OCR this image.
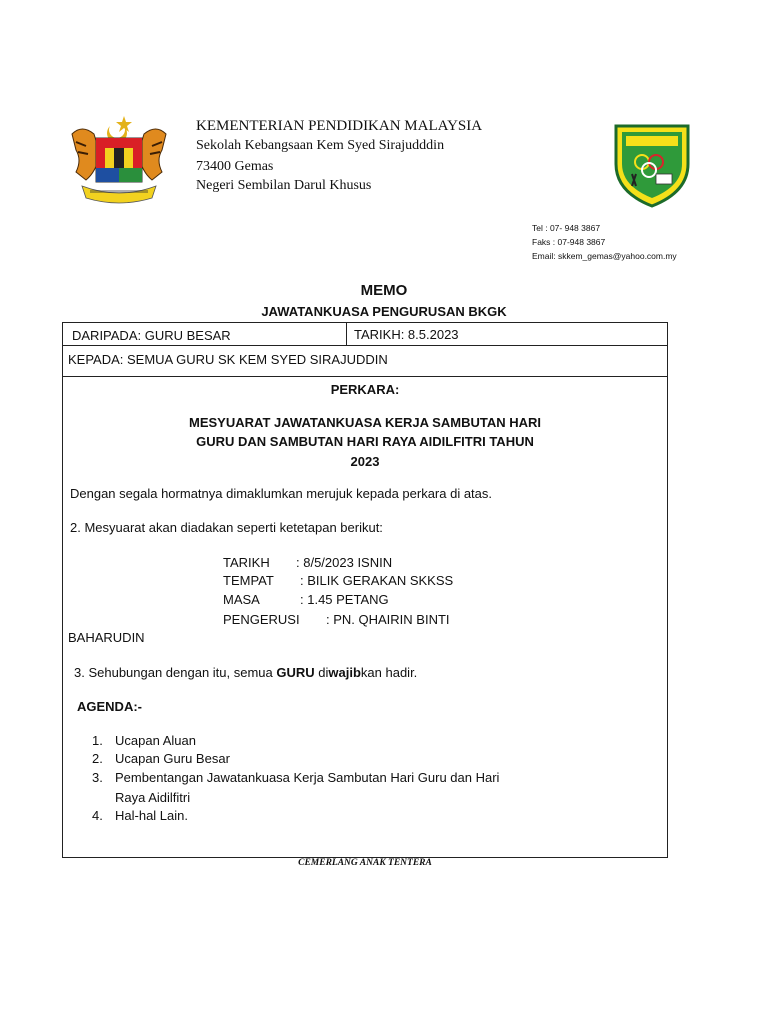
KEMENTERIAN PENDIDIKAN MALAYSIA
Sekolah Kebangsaan Kem Syed Sirajudddin
73400 Gemas
Negeri Sembilan Darul Khusus
Tel : 07- 948 3867
Faks : 07-948 3867
Email: skkem_gemas@yahoo.com.my
MEMO
JAWATANKUASA PENGURUSAN BKGK
DARIPADA: GURU BESAR	TARIKH: 8.5.2023
KEPADA: SEMUA GURU SK KEM SYED SIRAJUDDIN
PERKARA:
MESYUARAT JAWATANKUASA KERJA SAMBUTAN HARI
GURU DAN SAMBUTAN HARI RAYA AIDILFITRI TAHUN
2023
Dengan segala hormatnya dimaklumkan merujuk kepada perkara di atas.
2. Mesyuarat akan diadakan seperti ketetapan berikut:
TARIKH : 8/5/2023 ISNIN
TEMPAT : BILIK GERAKAN SKKSS
MASA	: 1.45 PETANG
PENGERUSI : PN. QHAIRIN BINTI
BAHARUDIN
3. Sehubungan dengan itu, semua GURU diwajibkan hadir.
AGENDA:-
1. Ucapan Aluan
2. Ucapan Guru Besar
3. Pembentangan Jawatankuasa Kerja Sambutan Hari Guru dan Hari
Raya Aidilfitri
4. Hal-hal Lain.
CEMERLANG ANAK TENTERA
